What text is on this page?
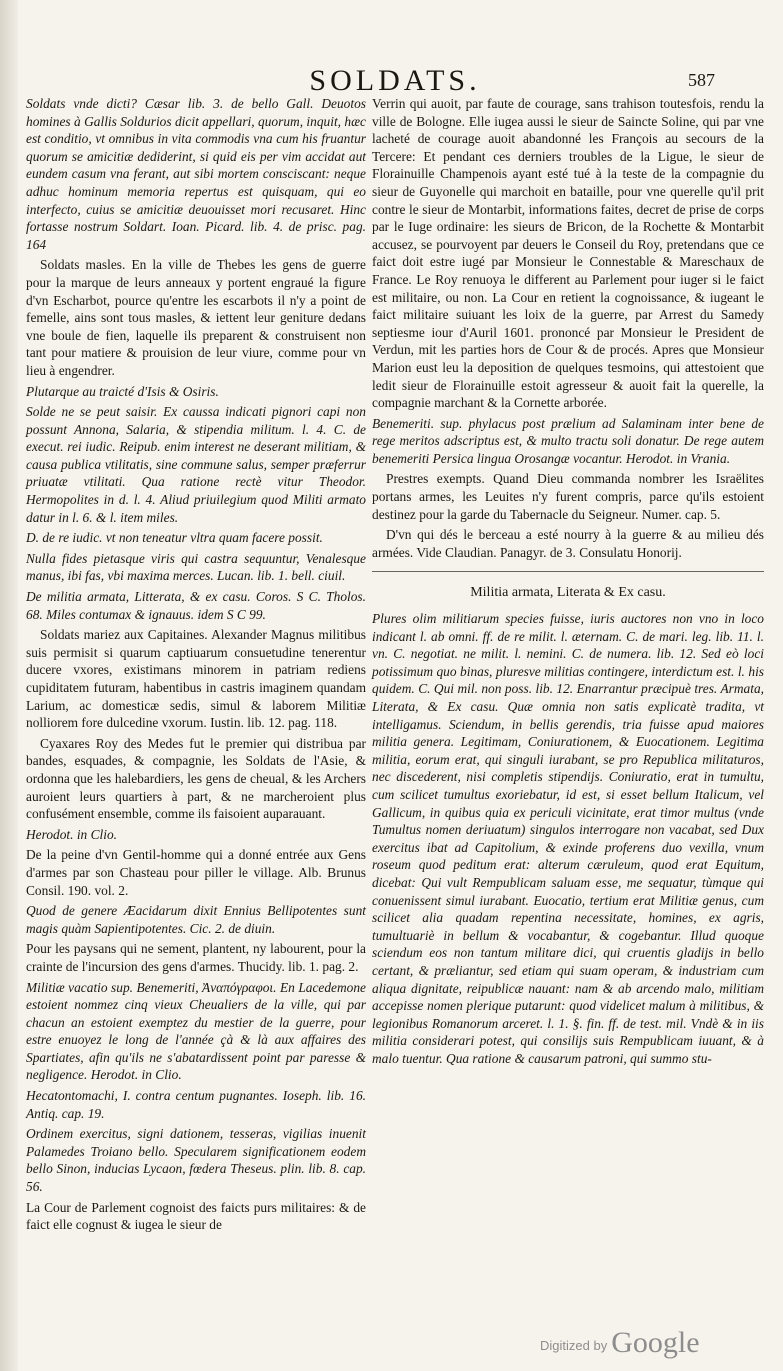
SOLDATS.	587

Soldats vnde dicti? Cæsar lib. 3. de bello Gall. Deuotos homines à Gallis Soldurios dicit appellari, quorum, inquit, hæc est conditio, vt omnibus in vita commodis vna cum his fruantur quorum se amicitiæ dediderint, si quid eis per vim accidat aut eundem casum vna ferant, aut sibi mortem consciscant: neque adhuc hominum memoria repertus est quisquam, qui eo interfecto, cuius se amicitiæ deuouisset mori recusaret. Hinc fortasse nostrum Soldart. Ioan. Picard. lib. 4. de prisc. pag. 164

Soldats masles. En la ville de Thebes les gens de guerre pour la marque de leurs anneaux y portent engraué la figure d'vn Escharbot, pource qu'entre les escarbots il n'y a point de femelle, ains sont tous masles, & iettent leur geniture dedans vne boule de fien, laquelle ils preparent & construisent non tant pour matiere & prouision de leur viure, comme pour vn lieu à engendrer.

Plutarque au traicté d'Isis & Osiris.

Solde ne se peut saisir. Ex caussa indicati pignori capi non possunt Annona, Salaria, & stipendia militum. l. 4. C. de execut. rei iudic. Reipub. enim interest ne deserant militiam, & causa publica vtilitatis, sine commune salus, semper præferrur priuatæ vtilitati. Qua ratione rectè vitur Theodor. Hermopolites in d. l. 4. Aliud priuilegium quod Militi armato datur in l. 6. & l. item miles.

D. de re iudic. vt non teneatur vltra quam facere possit.

Nulla fides pietasque viris qui castra sequuntur, Venalesque manus, ibi fas, vbi maxima merces. Lucan. lib. 1. bell. ciuil.

De militia armata, Litterata, & ex casu. Coros. S C. Tholos. 68. Miles contumax & ignauus. idem S C 99.

Soldats mariez aux Capitaines. Alexander Magnus militibus suis permisit si quarum captiuarum consuetudine tenerentur ducere vxores, existimans minorem in patriam rediens cupiditatem futuram, habentibus in castris imaginem quandam Larium, ac domesticæ sedis, simul & laborem Militiæ nolliorem fore dulcedine vxorum. Iustin. lib. 12. pag. 118.

Cyaxares Roy des Medes fut le premier qui distribua par bandes, esquades, & compagnie, les Soldats de l'Asie, & ordonna que les halebardiers, les gens de cheual, & les Archers auroient leurs quartiers à part, & ne marcheroient plus confusément ensemble, comme ils faisoient auparauant.

Herodot. in Clio.

De la peine d'vn Gentil-homme qui a donné entrée aux Gens d'armes par son Chasteau pour piller le village. Alb. Brunus Consil. 190. vol. 2.

Quod de genere Æacidarum dixit Ennius Bellipotentes sunt magis quàm Sapientipotentes. Cic. 2. de diuin.

Pour les paysans qui ne sement, plantent, ny labourent, pour la crainte de l'incursion des gens d'armes. Thucidy. lib. 1. pag. 2.

Militiæ vacatio sup. Benemeriti, Ἀναπόγραφοι. En Lacedemone estoient nommez cinq vieux Cheualiers de la ville, qui par chacun an estoient exemptez du mestier de la guerre, pour estre enuoyez le long de l'année çà & là aux affaires des Spartiates, afin qu'ils ne s'abatardissent point par paresse & negligence. Herodot. in Clio.

Hecatontomachi, I. contra centum pugnantes. Ioseph. lib. 16. Antiq. cap. 19.

Ordinem exercitus, signi dationem, tesseras, vigilias inuenit Palamedes Troiano bello. Specularem significationem eodem bello Sinon, inducias Lycaon, fœdera Theseus. plin. lib. 8. cap. 56.

La Cour de Parlement cognoist des faicts purs militaires: & de faict elle cognust & iugea le sieur de

Verrin qui auoit, par faute de courage, sans trahison toutesfois, rendu la ville de Bologne. Elle iugea aussi le sieur de Saincte Soline, qui par vne lacheté de courage auoit abandonné les François au secours de la Tercere: Et pendant ces derniers troubles de la Ligue, le sieur de Florainuille Champenois ayant esté tué à la teste de la compagnie du sieur de Guyonelle qui marchoit en bataille, pour vne querelle qu'il prit contre le sieur de Montarbit, informations faites, decret de prise de corps par le Iuge ordinaire: les sieurs de Bricon, de la Rochette & Montarbit accusez, se pourvoyent par deuers le Conseil du Roy, pretendans que ce faict doit estre iugé par Monsieur le Connestable & Mareschaux de France. Le Roy renuoya le different au Parlement pour iuger si le faict est militaire, ou non. La Cour en retient la cognoissance, & iugeant le faict militaire suiuant les loix de la guerre, par Arrest du Samedy septiesme iour d'Auril 1601. prononcé par Monsieur le President de Verdun, mit les parties hors de Cour & de procés. Apres que Monsieur Marion eust leu la deposition de quelques tesmoins, qui attestoient que ledit sieur de Florainuille estoit agresseur & auoit fait la querelle, la compagnie marchant & la Cornette arborée.

Benemeriti. sup. phylacus post prælium ad Salaminam inter bene de rege meritos adscriptus est, & multo tractu soli donatur. De rege autem benemeriti Persica lingua Orosangæ vocantur. Herodot. in Vrania.

Prestres exempts. Quand Dieu commanda nombrer les Israëlites portans armes, les Leuites n'y furent compris, parce qu'ils estoient destinez pour la garde du Tabernacle du Seigneur. Numer. cap. 5.

D'vn qui dés le berceau a esté nourry à la guerre & au milieu dés armées. Vide Claudian. Panagyr. de 3. Consulatu Honorij.

Militia armata, Literata & Ex casu.

Plures olim militiarum species fuisse, iuris auctores non vno in loco indicant l. ab omni. ff. de re milit. l. æternam. C. de mari. leg. lib. 11. l. vn. C. negotiat. ne milit. l. nemini. C. de numera. lib. 12. Sed eò loci potissimum quo binas, pluresve militias contingere, interdictum est. l. his quidem. C. Qui mil. non poss. lib. 12. Enarrantur præcipuè tres. Armata, Literata, & Ex casu. Quæ omnia non satis explicatè tradita, vt intelligamus. Sciendum, in bellis gerendis, tria fuisse apud maiores militia genera. Legitimam, Coniurationem, & Euocationem. Legitima militia, eorum erat, qui singuli iurabant, se pro Republica militaturos, nec discederent, nisi completis stipendijs. Coniuratio, erat in tumultu, cum scilicet tumultus exoriebatur, id est, si esset bellum Italicum, vel Gallicum, in quibus quia ex periculi vicinitate, erat timor multus (vnde Tumultus nomen deriuatum) singulos interrogare non vacabat, sed Dux exercitus ibat ad Capitolium, & exinde proferens duo vexilla, vnum roseum quod peditum erat: alterum cæruleum, quod erat Equitum, dicebat: Qui vult Rempublicam saluam esse, me sequatur, tùmque qui conuenissent simul iurabant. Euocatio, tertium erat Militiæ genus, cum scilicet alia quadam repentina necessitate, homines, ex agris, tumultuariè in bellum & vocabantur, & cogebantur. Illud quoque sciendum eos non tantum militare dici, qui cruentis gladijs in bello certant, & præliantur, sed etiam qui suam operam, & industriam cum aliqua dignitate, reipublicæ nauant: nam & ab arcendo malo, militiam accepisse nomen plerique putarunt: quod videlicet malum à militibus, & legionibus Romanorum arceret. l. 1. §. fin. ff. de test. mil. Vndè & in iis militia considerari potest, qui consilijs suis Rempublicam iuuant, & à malo tuentur. Qua ratione & causarum patroni, qui summo stu-

Digitized by Google
